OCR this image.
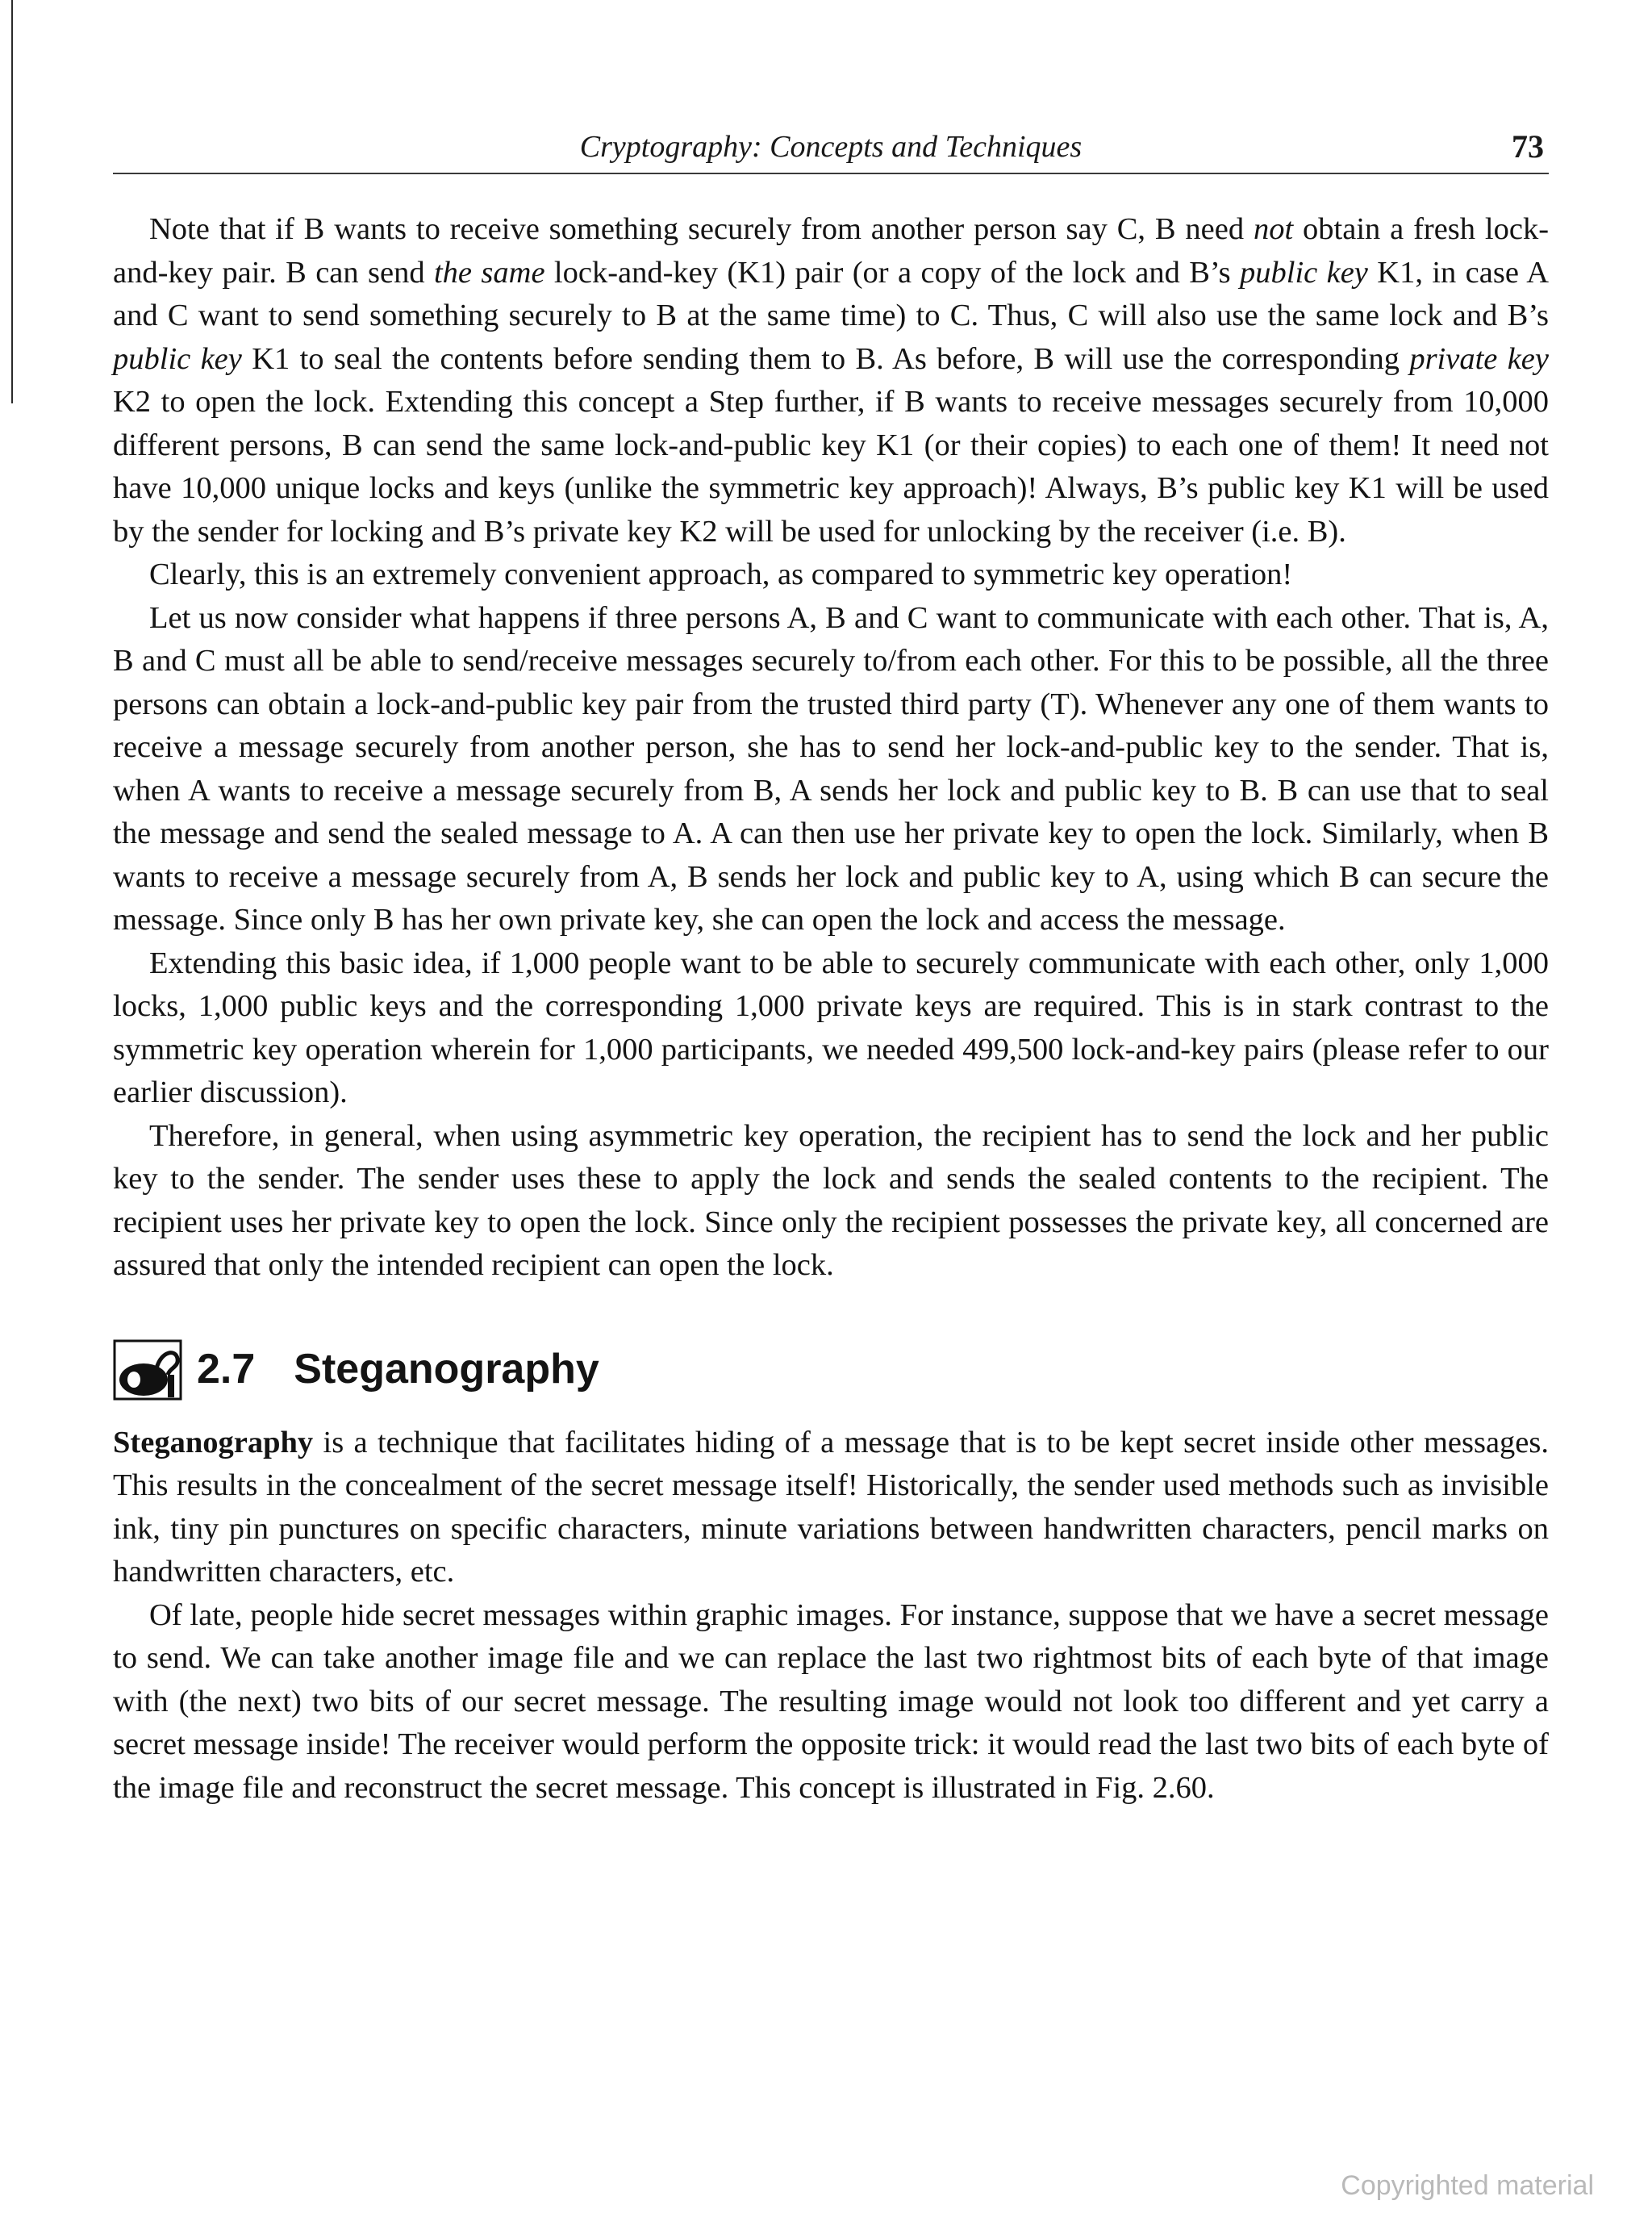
Cryptography: Concepts and Techniques	73

Note that if B wants to receive something securely from another person say C, B need not obtain a fresh lock-and-key pair. B can send the same lock-and-key (K1) pair (or a copy of the lock and B’s public key K1, in case A and C want to send something securely to B at the same time) to C. Thus, C will also use the same lock and B’s public key K1 to seal the contents before sending them to B. As before, B will use the corresponding private key K2 to open the lock. Extending this concept a Step further, if B wants to receive messages securely from 10,000 different persons, B can send the same lock-and-public key K1 (or their copies) to each one of them! It need not have 10,000 unique locks and keys (unlike the symmetric key approach)! Always, B’s public key K1 will be used by the sender for locking and B’s private key K2 will be used for unlocking by the receiver (i.e. B).

Clearly, this is an extremely convenient approach, as compared to symmetric key operation!

Let us now consider what happens if three persons A, B and C want to communicate with each other. That is, A, B and C must all be able to send/receive messages securely to/from each other. For this to be possible, all the three persons can obtain a lock-and-public key pair from the trusted third party (T). Whenever any one of them wants to receive a message securely from another person, she has to send her lock-and-public key to the sender. That is, when A wants to receive a message securely from B, A sends her lock and public key to B. B can use that to seal the message and send the sealed message to A. A can then use her private key to open the lock. Similarly, when B wants to receive a message securely from A, B sends her lock and public key to A, using which B can secure the message. Since only B has her own private key, she can open the lock and access the message.

Extending this basic idea, if 1,000 people want to be able to securely communicate with each other, only 1,000 locks, 1,000 public keys and the corresponding 1,000 private keys are required. This is in stark contrast to the symmetric key operation wherein for 1,000 participants, we needed 499,500 lock-and-key pairs (please refer to our earlier discussion).

Therefore, in general, when using asymmetric key operation, the recipient has to send the lock and her public key to the sender. The sender uses these to apply the lock and sends the sealed contents to the recipient. The recipient uses her private key to open the lock. Since only the recipient possesses the private key, all concerned are assured that only the intended recipient can open the lock.

2.7 Steganography

Steganography is a technique that facilitates hiding of a message that is to be kept secret inside other messages. This results in the concealment of the secret message itself! Historically, the sender used methods such as invisible ink, tiny pin punctures on specific characters, minute variations between handwritten characters, pencil marks on handwritten characters, etc.

Of late, people hide secret messages within graphic images. For instance, suppose that we have a secret message to send. We can take another image file and we can replace the last two rightmost bits of each byte of that image with (the next) two bits of our secret message. The resulting image would not look too different and yet carry a secret message inside! The receiver would perform the opposite trick: it would read the last two bits of each byte of the image file and reconstruct the secret message. This concept is illustrated in Fig. 2.60.

Copyrighted material
